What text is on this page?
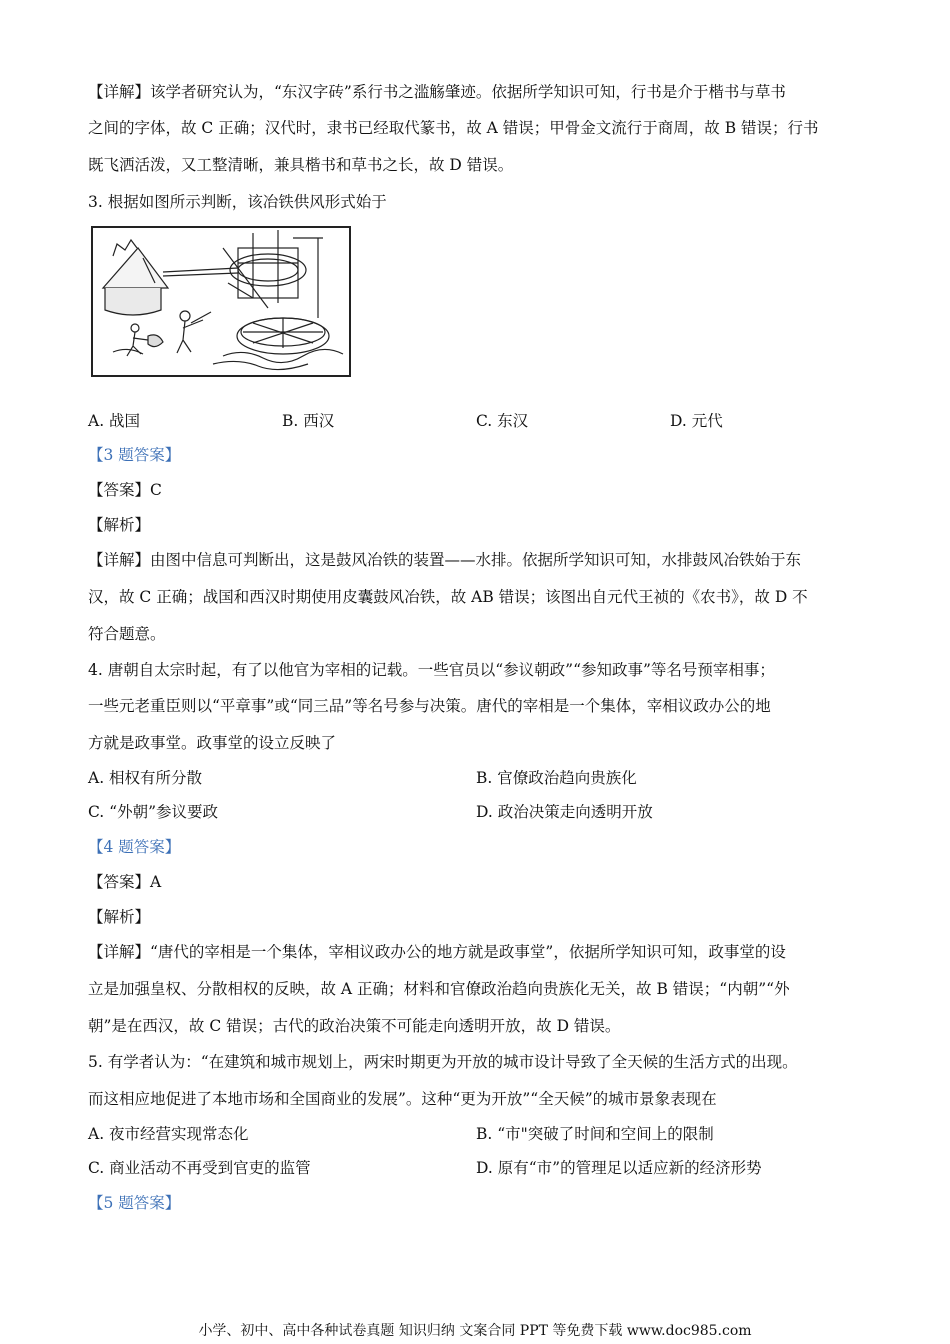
【详解】该学者研究认为，“东汉字砖”系行书之滥觞肇迹。依据所学知识可知，行书是介于楷书与草书
之间的字体，故 C 正确；汉代时，隶书已经取代篆书，故 A 错误；甲骨金文流行于商周，故 B 错误；行书
既飞洒活泼，又工整清晰，兼具楷书和草书之长，故 D 错误。
3. 根据如图所示判断，该冶铁供风形式始于
A. 战国	B. 西汉	C. 东汉	D. 元代
【3 题答案】
【答案】C
【解析】
【详解】由图中信息可判断出，这是鼓风冶铁的装置——水排。依据所学知识可知，水排鼓风冶铁始于东
汉，故 C 正确；战国和西汉时期使用皮囊鼓风冶铁，故 AB 错误；该图出自元代王祯的《农书》，故 D 不
符合题意。
4. 唐朝自太宗时起，有了以他官为宰相的记载。一些官员以“参议朝政”“参知政事”等名号预宰相事；
一些元老重臣则以“平章事”或“同三品”等名号参与决策。唐代的宰相是一个集体，宰相议政办公的地
方就是政事堂。政事堂的设立反映了
A. 相权有所分散	B. 官僚政治趋向贵族化
C. “外朝”参议要政	D. 政治决策走向透明开放
【4 题答案】
【答案】A
【解析】
【详解】“唐代的宰相是一个集体，宰相议政办公的地方就是政事堂”，依据所学知识可知，政事堂的设
立是加强皇权、分散相权的反映，故 A 正确；材料和官僚政治趋向贵族化无关，故 B 错误；“内朝”“外
朝”是在西汉，故 C 错误；古代的政治决策不可能走向透明开放，故 D 错误。
5. 有学者认为：“在建筑和城市规划上，两宋时期更为开放的城市设计导致了全天候的生活方式的出现。
而这相应地促进了本地市场和全国商业的发展”。这种“更为开放”“全天候”的城市景象表现在
A. 夜市经营实现常态化	B. “市"突破了时间和空间上的限制
C. 商业活动不再受到官吏的监管	D. 原有“市”的管理足以适应新的经济形势
【5 题答案】
小学、初中、高中各种试卷真题 知识归纳 文案合同 PPT 等免费下载 www.doc985.com
